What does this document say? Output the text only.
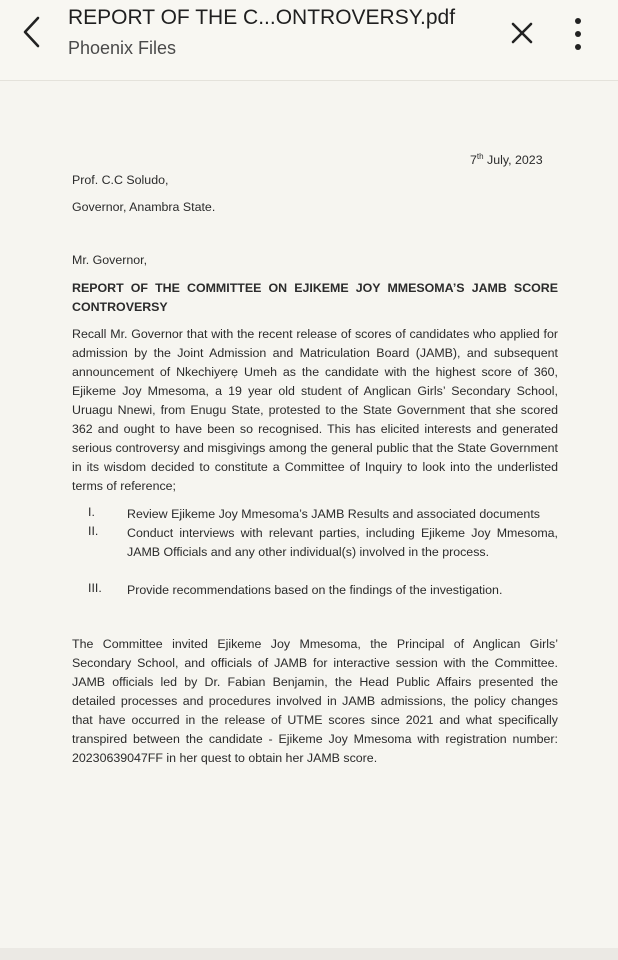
REPORT OF THE C...ONTROVERSY.pdf
Phoenix Files
7th July, 2023
Prof. C.C Soludo,
Governor, Anambra State.
Mr. Governor,
REPORT OF THE COMMITTEE ON EJIKEME JOY MMESOMA’S JAMB SCORE CONTROVERSY
Recall Mr. Governor that with the recent release of scores of candidates who applied for admission by the Joint Admission and Matriculation Board (JAMB), and subsequent announcement of Nkechiyerẹ Umeh as the candidate with the highest score of 360, Ejikeme Joy Mmesoma, a 19 year old student of Anglican Girls’ Secondary School, Uruagu Nnewi, from Enugu State, protested to the State Government that she scored 362 and ought to have been so recognised. This has elicited interests and generated serious controversy and misgivings among the general public that the State Government in its wisdom decided to constitute a Committee of Inquiry to look into the underlisted terms of reference;
I.	Review Ejikeme Joy Mmesoma’s JAMB Results and associated documents
II. Conduct interviews with relevant parties, including Ejikeme Joy Mmesoma, JAMB Officials and any other individual(s) involved in the process.
III. Provide recommendations based on the findings of the investigation.
The Committee invited Ejikeme Joy Mmesoma, the Principal of Anglican Girls’ Secondary School, and officials of JAMB for interactive session with the Committee. JAMB officials led by Dr. Fabian Benjamin, the Head Public Affairs presented the detailed processes and procedures involved in JAMB admissions, the policy changes that have occurred in the release of UTME scores since 2021 and what specifically transpired between the candidate - Ejikeme Joy Mmesoma with registration number: 20230639047FF in her quest to obtain her JAMB score.
